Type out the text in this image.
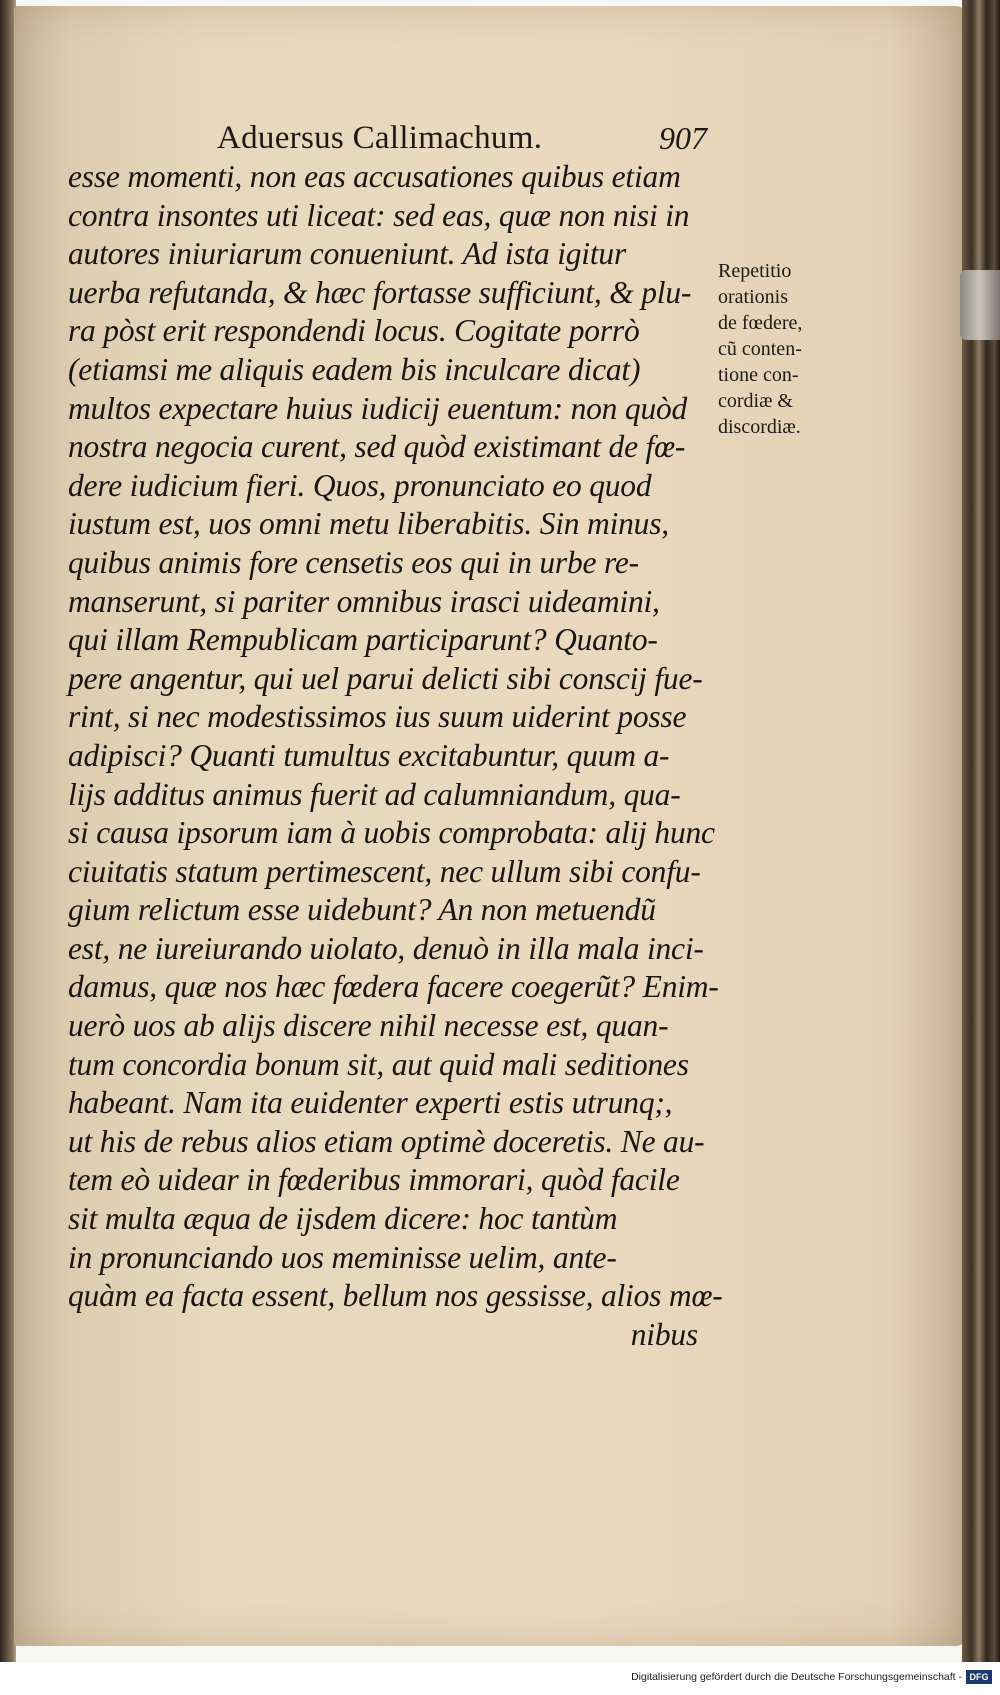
Aduersus Callimachum.	907
esse momenti, non eas accusationes quibus etiam
contra insontes uti liceat: sed eas, quæ non nisi in
autores iniuriarum conueniunt. Ad ista igitur
uerba refutanda, & hæc fortasse sufficiunt, & plu-
ra pòst erit respondendi locus. Cogitate porrò
(etiamsi me aliquis eadem bis inculcare dicat)
multos expectare huius iudicij euentum: non quòd
nostra negocia curent, sed quòd existimant de fœ-
dere iudicium fieri. Quos, pronunciato eo quod
iustum est, uos omni metu liberabitis. Sin minus,
quibus animis fore censetis eos qui in urbe re-
manserunt, si pariter omnibus irasci uideamini,
qui illam Rempublicam participarunt? Quanto-
pere angentur, qui uel parui delicti sibi conscij fue-
rint, si nec modestissimos ius suum uiderint posse
adipisci? Quanti tumultus excitabuntur, quum a-
lijs additus animus fuerit ad calumniandum, qua-
si causa ipsorum iam à uobis comprobata: alij hunc
ciuitatis statum pertimescent, nec ullum sibi confu-
gium relictum esse uidebunt? An non metuendũ
est, ne iureiurando uiolato, denuò in illa mala inci-
damus, quæ nos hæc fœdera facere coegerũt? Enim-
uerò uos ab alijs discere nihil necesse est, quan-
tum concordia bonum sit, aut quid mali seditiones
habeant. Nam ita euidenter experti estis utrunq;,
ut his de rebus alios etiam optimè doceretis. Ne au-
tem eò uidear in fœderibus immorari, quòd facile
sit multa æqua de ijsdem dicere: hoc tantùm
in pronunciando uos meminisse uelim, ante-
quàm ea facta essent, bellum nos gessisse, alios mœ-
nibus
Repetitio
orationis
de fœdere,
cũ conten-
tione con-
cordiæ &
discordiæ.
Digitalisierung gefördert durch die Deutsche Forschungsgemeinschaft - DFG
